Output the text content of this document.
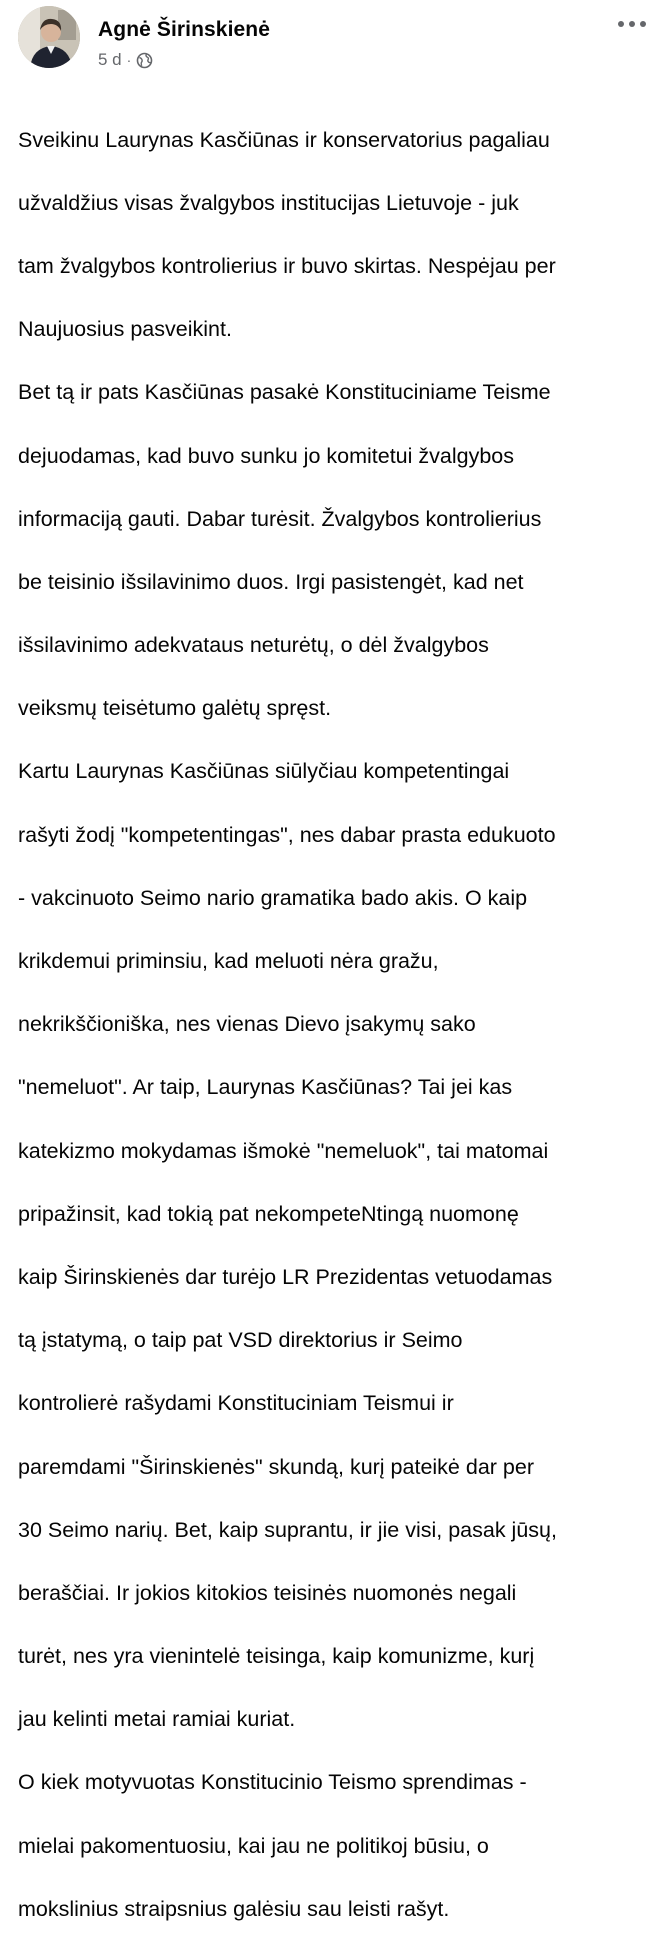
Agnė Širinskienė
5 d ·

Sveikinu Laurynas Kasčiūnas ir konservatorius pagaliau

užvaldžius visas žvalgybos institucijas Lietuvoje - juk

tam žvalgybos kontrolierius ir buvo skirtas. Nespėjau per

Naujuosius pasveikint.

Bet tą ir pats Kasčiūnas pasakė Konstituciniame Teisme

dejuodamas, kad buvo sunku jo komitetui žvalgybos

informaciją gauti. Dabar turėsit. Žvalgybos kontrolierius

be teisinio išsilavinimo duos. Irgi pasistengėt, kad net

išsilavinimo adekvataus neturėtų, o dėl žvalgybos

veiksmų teisėtumo galėtų spręst.

Kartu Laurynas Kasčiūnas siūlyčiau kompetentingai

rašyti žodį "kompetentingas", nes dabar prasta edukuoto

- vakcinuoto Seimo nario gramatika bado akis. O kaip

krikdemui priminsiu, kad meluoti nėra gražu,

nekrikščioniška, nes vienas Dievo įsakymų sako

"nemeluot". Ar taip, Laurynas Kasčiūnas? Tai jei kas

katekizmo mokydamas išmokė "nemeluok", tai matomai

pripažinsit, kad tokią pat nekompeteNtingą nuomonę

kaip Širinskienės dar turėjo LR Prezidentas vetuodamas

tą įstatymą, o taip pat VSD direktorius ir Seimo

kontrolierė rašydami Konstituciniam Teismui ir

paremdami "Širinskienės" skundą, kurį pateikė dar per

30 Seimo narių. Bet, kaip suprantu, ir jie visi, pasak jūsų,

beraščiai. Ir jokios kitokios teisinės nuomonės negali

turėt, nes yra vienintelė teisinga, kaip komunizme, kurį

jau kelinti metai ramiai kuriat.

O kiek motyvuotas Konstitucinio Teismo sprendimas -

mielai pakomentuosiu, kai jau ne politikoj būsiu, o

mokslinius straipsnius galėsiu sau leisti rašyt.
